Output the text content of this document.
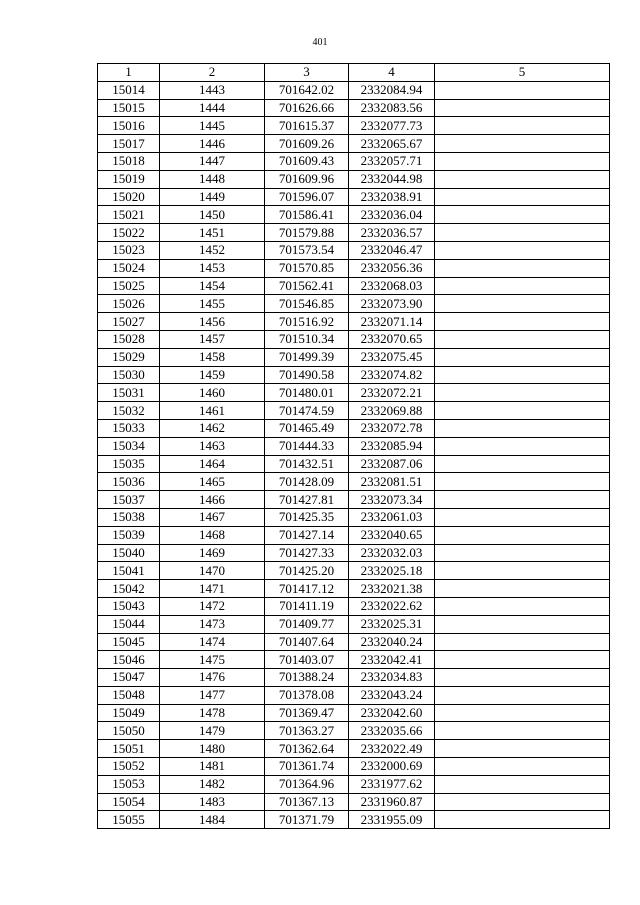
401
1	2	3	4	5
15014	1443	701642.02	2332084.94	
15015	1444	701626.66	2332083.56	
15016	1445	701615.37	2332077.73	
15017	1446	701609.26	2332065.67	
15018	1447	701609.43	2332057.71	
15019	1448	701609.96	2332044.98	
15020	1449	701596.07	2332038.91	
15021	1450	701586.41	2332036.04	
15022	1451	701579.88	2332036.57	
15023	1452	701573.54	2332046.47	
15024	1453	701570.85	2332056.36	
15025	1454	701562.41	2332068.03	
15026	1455	701546.85	2332073.90	
15027	1456	701516.92	2332071.14	
15028	1457	701510.34	2332070.65	
15029	1458	701499.39	2332075.45	
15030	1459	701490.58	2332074.82	
15031	1460	701480.01	2332072.21	
15032	1461	701474.59	2332069.88	
15033	1462	701465.49	2332072.78	
15034	1463	701444.33	2332085.94	
15035	1464	701432.51	2332087.06	
15036	1465	701428.09	2332081.51	
15037	1466	701427.81	2332073.34	
15038	1467	701425.35	2332061.03	
15039	1468	701427.14	2332040.65	
15040	1469	701427.33	2332032.03	
15041	1470	701425.20	2332025.18	
15042	1471	701417.12	2332021.38	
15043	1472	701411.19	2332022.62	
15044	1473	701409.77	2332025.31	
15045	1474	701407.64	2332040.24	
15046	1475	701403.07	2332042.41	
15047	1476	701388.24	2332034.83	
15048	1477	701378.08	2332043.24	
15049	1478	701369.47	2332042.60	
15050	1479	701363.27	2332035.66	
15051	1480	701362.64	2332022.49	
15052	1481	701361.74	2332000.69	
15053	1482	701364.96	2331977.62	
15054	1483	701367.13	2331960.87	
15055	1484	701371.79	2331955.09	
